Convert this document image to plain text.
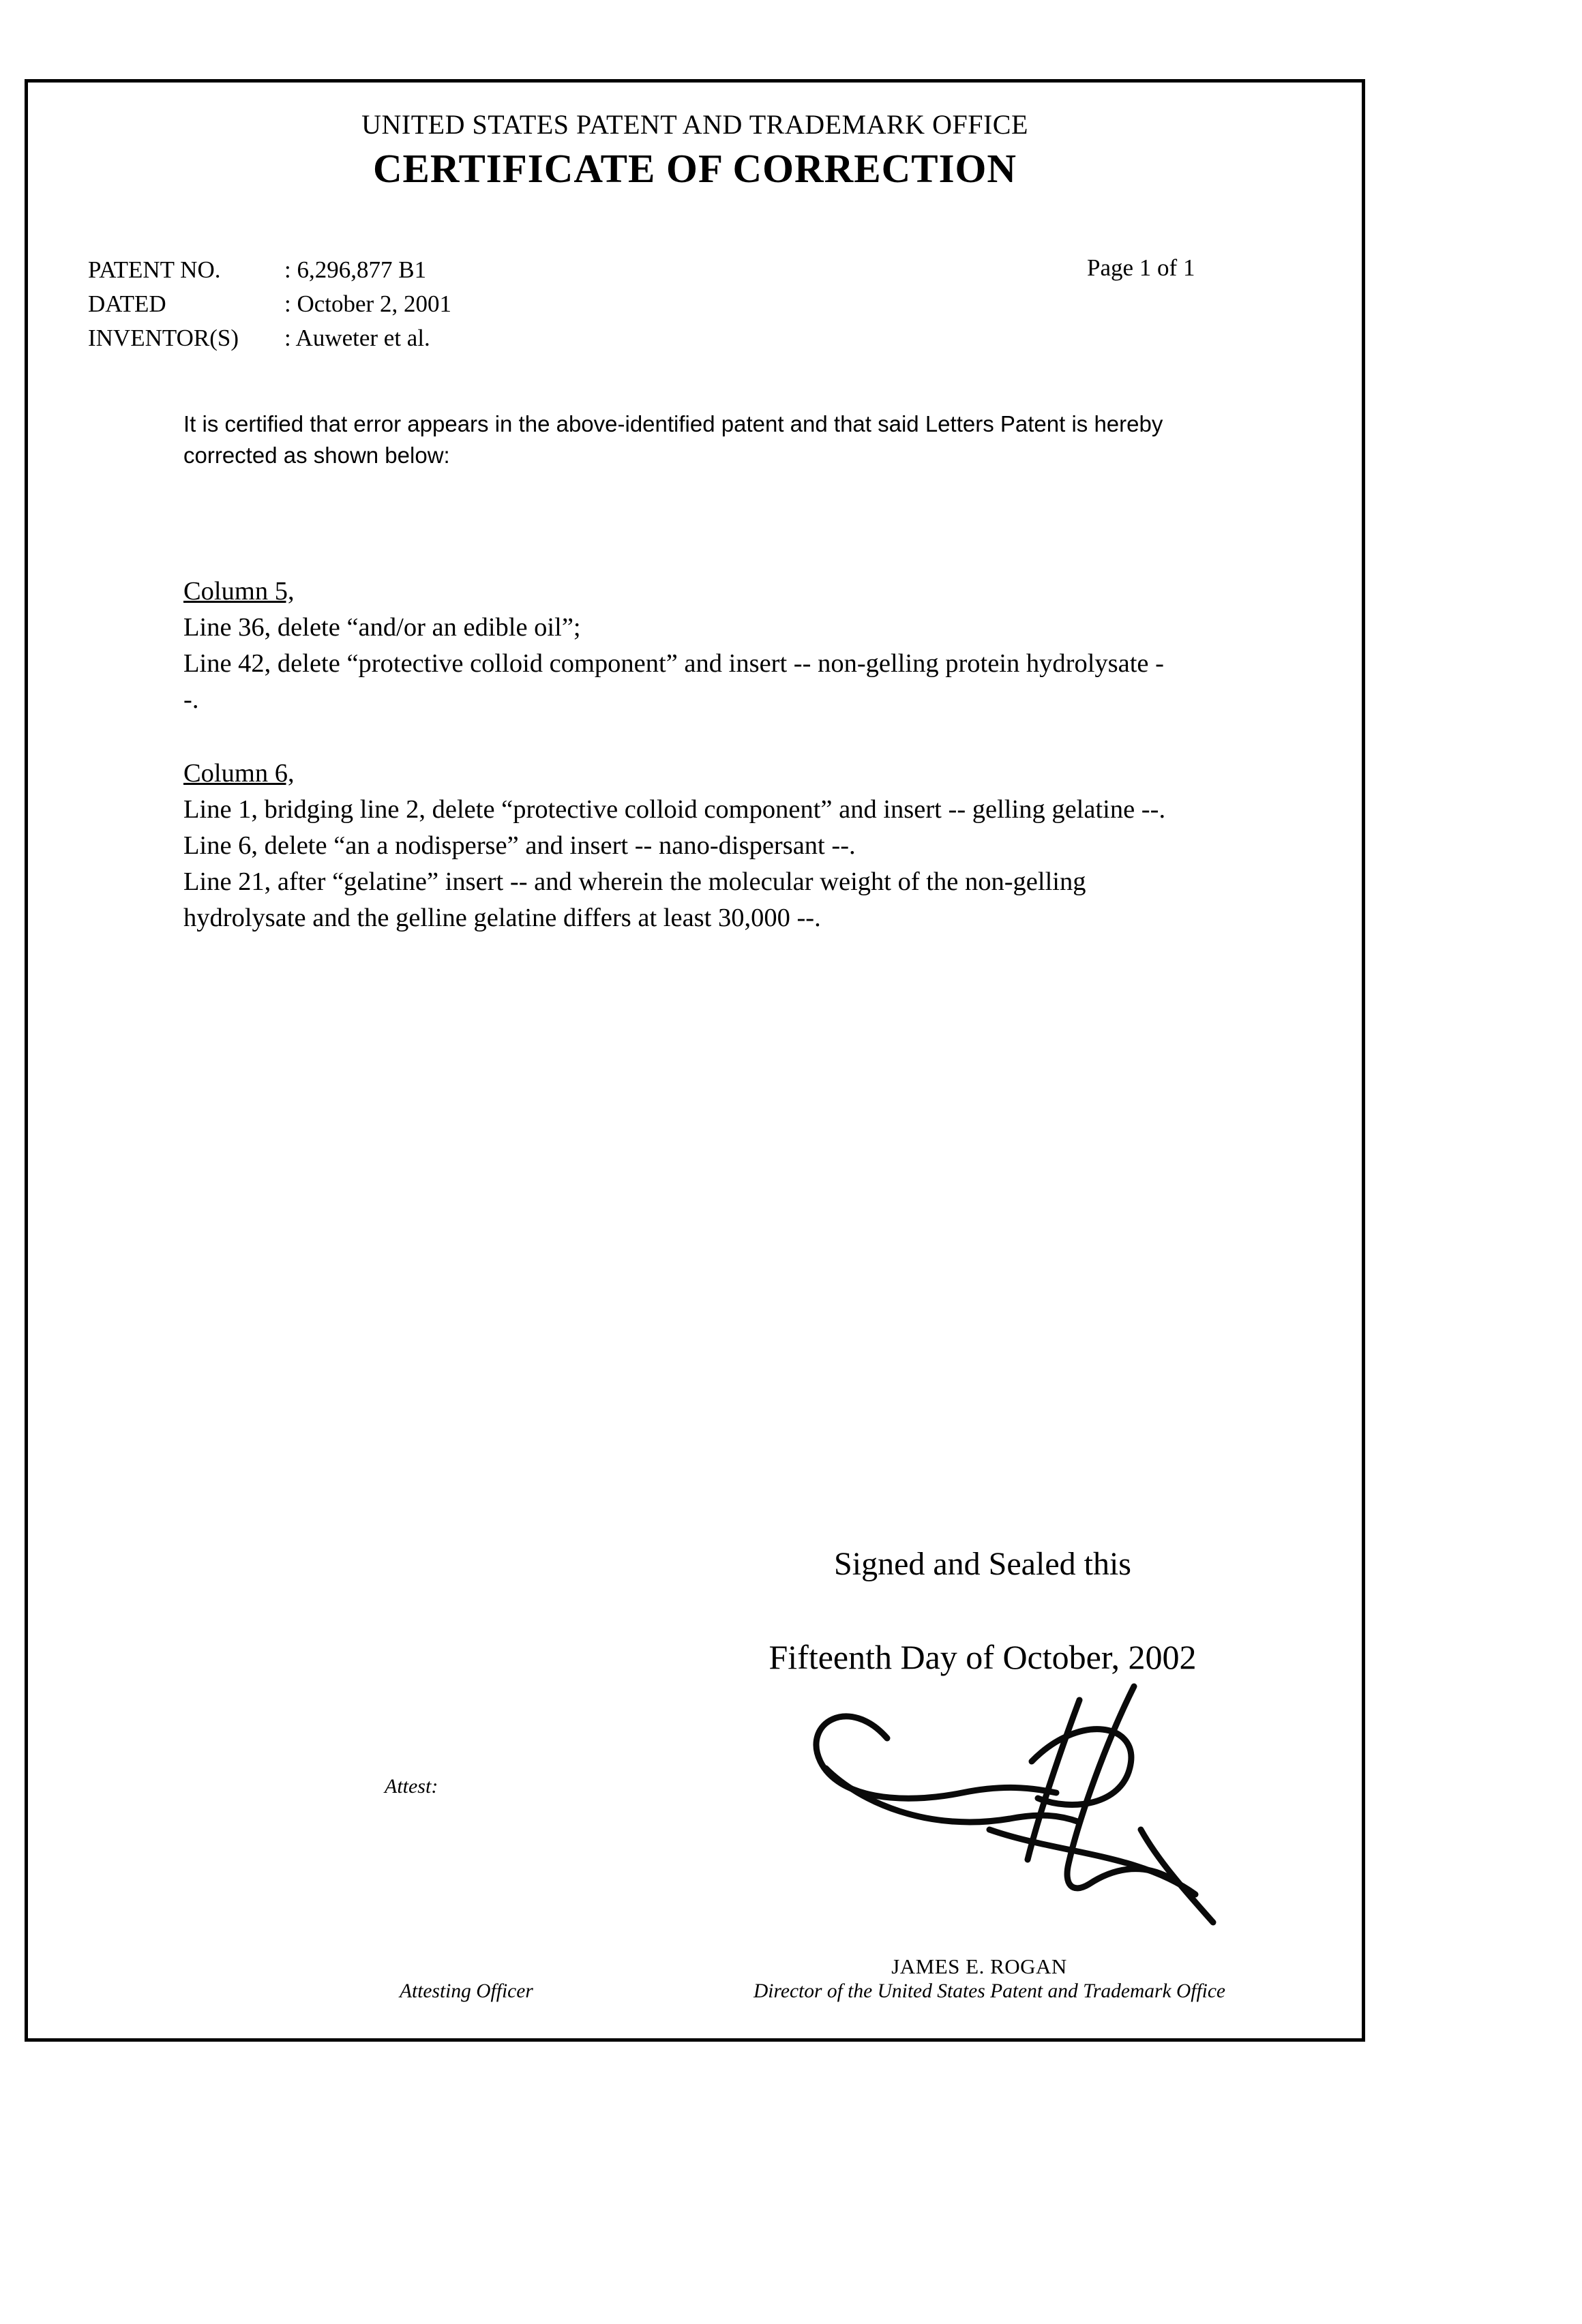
UNITED STATES PATENT AND TRADEMARK OFFICE
CERTIFICATE OF CORRECTION
PATENT NO.	: 6,296,877 B1
DATED	: October 2, 2001
INVENTOR(S)	: Auweter et al.
Page 1 of 1
It is certified that error appears in the above-identified patent and that said Letters Patent is hereby corrected as shown below:
Column 5,

Line 36, delete “and/or an edible oil”;

Line 42, delete “protective colloid component” and insert -- non-gelling protein hydrolysate --.

Column 6,

Line 1, bridging line 2, delete “protective colloid component” and insert -- gelling gelatine --.

Line 6, delete “an a nodisperse” and insert -- nano-dispersant --.

Line 21, after “gelatine” insert -- and wherein the molecular weight of the non-gelling hydrolysate and the gelline gelatine differs at least 30,000 --.

Signed and Sealed this
Fifteenth Day of October, 2002
Attest:
JAMES E. ROGAN
Attesting Officer	Director of the United States Patent and Trademark Office
